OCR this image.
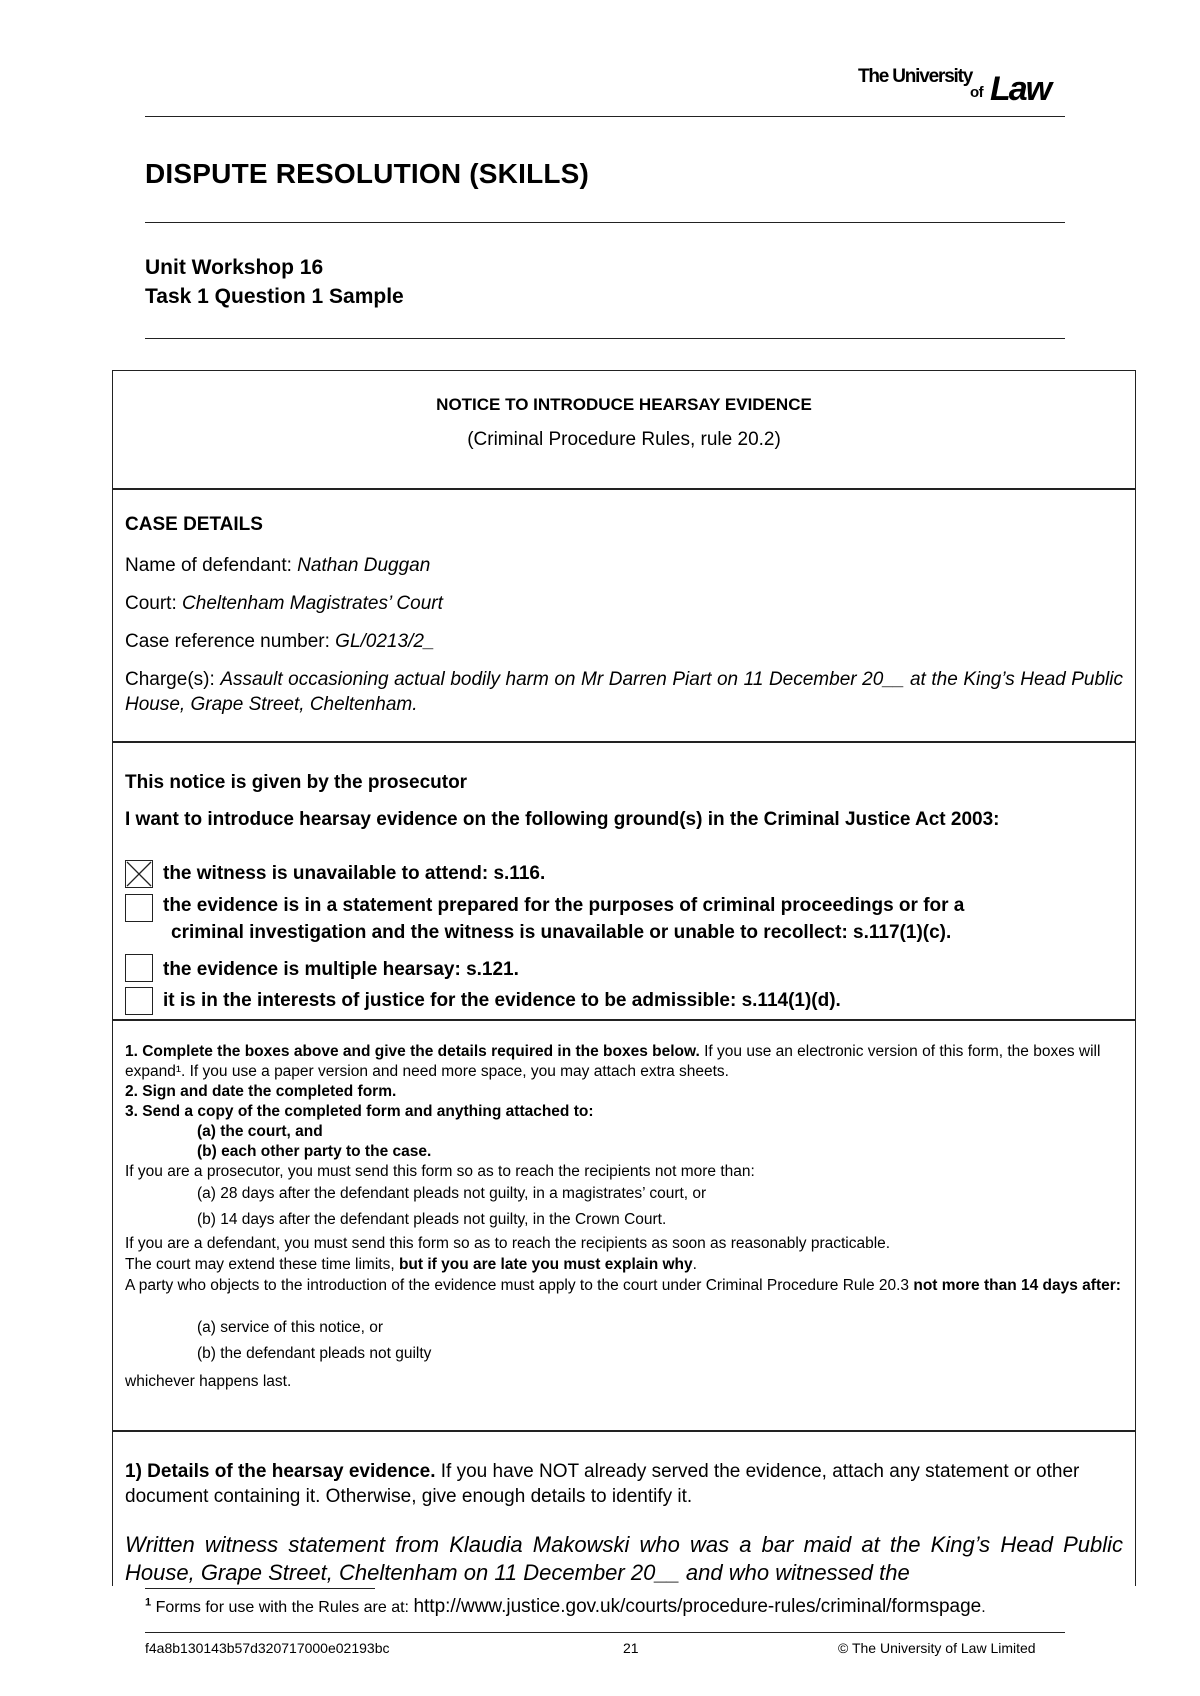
The University
of Law
DISPUTE RESOLUTION (SKILLS)
Unit Workshop 16
Task 1 Question 1 Sample
NOTICE TO INTRODUCE HEARSAY EVIDENCE
(Criminal Procedure Rules, rule 20.2)
CASE DETAILS
Name of defendant: Nathan Duggan
Court: Cheltenham Magistrates’ Court
Case reference number: GL/0213/2_
Charge(s): Assault occasioning actual bodily harm on Mr Darren Piart on 11 December 20__ at the King’s Head Public House, Grape Street, Cheltenham.
This notice is given by the prosecutor
I want to introduce hearsay evidence on the following ground(s) in the Criminal Justice Act 2003:
the witness is unavailable to attend: s.116.
the evidence is in a statement prepared for the purposes of criminal proceedings or for a
criminal investigation and the witness is unavailable or unable to recollect: s.117(1)(c).
the evidence is multiple hearsay: s.121.
it is in the interests of justice for the evidence to be admissible: s.114(1)(d).
1. Complete the boxes above and give the details required in the boxes below. If you use an electronic version of this form, the boxes will expand¹. If you use a paper version and need more space, you may attach extra sheets.
2. Sign and date the completed form.
3. Send a copy of the completed form and anything attached to:
(a) the court, and
(b) each other party to the case.
If you are a prosecutor, you must send this form so as to reach the recipients not more than:
(a) 28 days after the defendant pleads not guilty, in a magistrates’ court, or
(b) 14 days after the defendant pleads not guilty, in the Crown Court.
If you are a defendant, you must send this form so as to reach the recipients as soon as reasonably practicable.
The court may extend these time limits, but if you are late you must explain why.
A party who objects to the introduction of the evidence must apply to the court under Criminal Procedure Rule 20.3 not more than 14 days after:
(a) service of this notice, or
(b) the defendant pleads not guilty
whichever happens last.
1) Details of the hearsay evidence. If you have NOT already served the evidence, attach any statement or other document containing it. Otherwise, give enough details to identify it.
Written witness statement from Klaudia Makowski who was a bar maid at the King’s Head Public House, Grape Street, Cheltenham on 11 December 20__ and who witnessed the
$^1$ Forms for use with the Rules are at: http://www.justice.gov.uk/courts/procedure-rules/criminal/formspage.
f4a8b130143b57d320717000e02193bc	21	© The University of Law Limited
